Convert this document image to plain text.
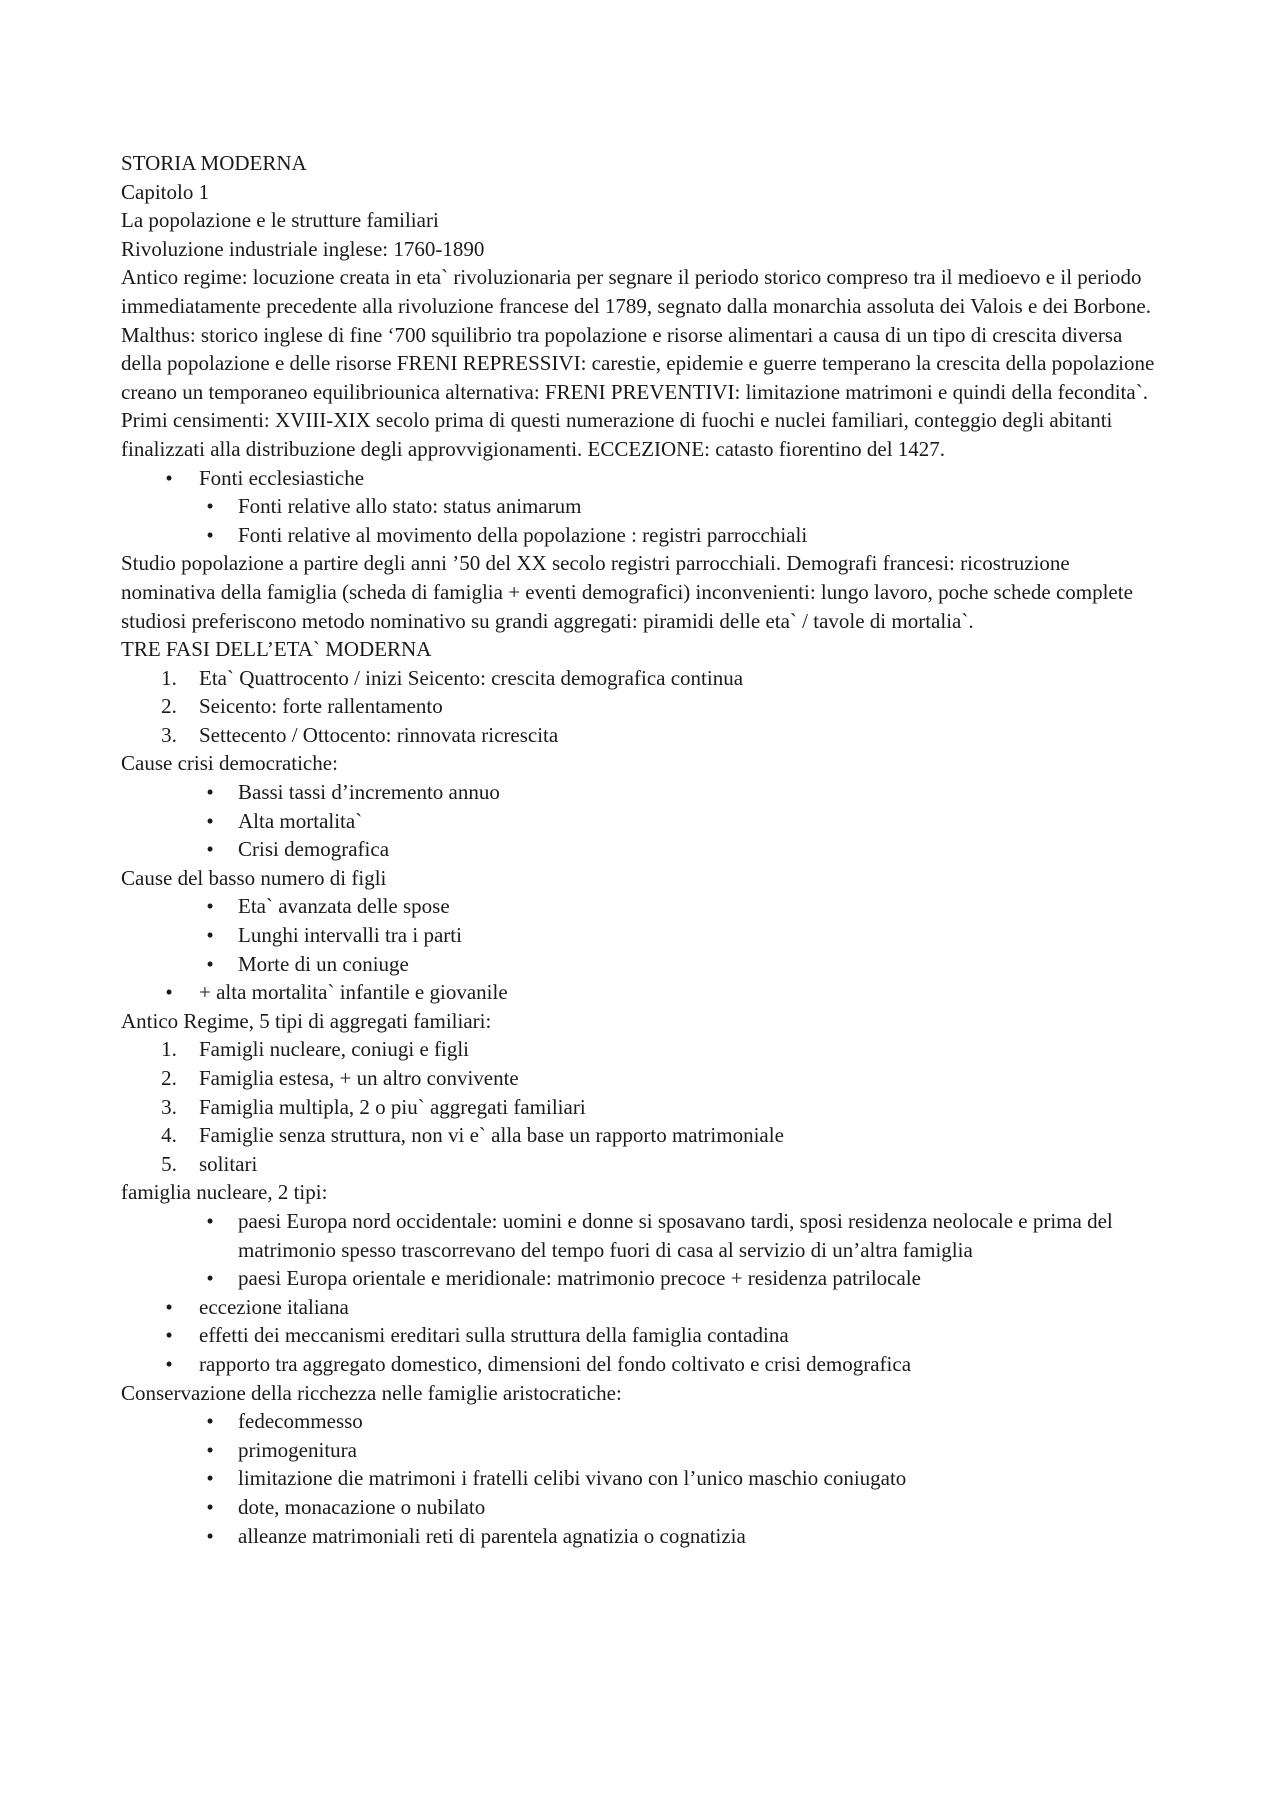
STORIA MODERNA

Capitolo 1

La popolazione e le strutture familiari

Rivoluzione industriale inglese: 1760-1890

Antico regime: locuzione creata in eta` rivoluzionaria per segnare il periodo storico compreso tra il medioevo e il periodo immediatamente precedente alla rivoluzione francese del 1789, segnato dalla monarchia assoluta dei Valois e dei Borbone.

Malthus: storico inglese di fine ‘700 squilibrio tra popolazione e risorse alimentari a causa di un tipo di crescita diversa della popolazione e delle risorse FRENI REPRESSIVI: carestie, epidemie e guerre temperano la crescita della popolazione creano un temporaneo equilibriounica alternativa: FRENI PREVENTIVI: limitazione matrimoni e quindi della fecondita`.

Primi censimenti: XVIII-XIX secolo prima di questi numerazione di fuochi e nuclei familiari, conteggio degli abitanti finalizzati alla distribuzione degli approvvigionamenti. ECCEZIONE: catasto fiorentino del 1427.

•	Fonti ecclesiastiche
•	Fonti relative allo stato: status animarum
•	Fonti relative al movimento della popolazione : registri parrocchiali

Studio popolazione a partire degli anni ’50 del XX secolo registri parrocchiali. Demografi francesi: ricostruzione nominativa della famiglia (scheda di famiglia + eventi demografici) inconvenienti: lungo lavoro, poche schede complete studiosi preferiscono metodo nominativo su grandi aggregati: piramidi delle eta` / tavole di mortalia`.

TRE FASI DELL’ETA` MODERNA

1. Eta` Quattrocento / inizi Seicento: crescita demografica continua
2. Seicento: forte rallentamento
3. Settecento / Ottocento: rinnovata ricrescita

Cause crisi democratiche:

•	Bassi tassi d’incremento annuo
•	Alta mortalita`
•	Crisi demografica

Cause del basso numero di figli

•	Eta` avanzata delle spose
•	Lunghi intervalli tra i parti
•	Morte di un coniuge
•	+ alta mortalita` infantile e giovanile

Antico Regime, 5 tipi di aggregati familiari:

1. Famigli nucleare, coniugi e figli
2. Famiglia estesa, + un altro convivente
3. Famiglia multipla, 2 o piu` aggregati familiari
4. Famiglie senza struttura, non vi e` alla base un rapporto matrimoniale
5. solitari

famiglia nucleare, 2 tipi:

•	paesi Europa nord occidentale: uomini e donne si sposavano tardi, sposi residenza neolocale e prima del matrimonio spesso trascorrevano del tempo fuori di casa al servizio di un’altra famiglia
•	paesi Europa orientale e meridionale: matrimonio precoce + residenza patrilocale
•	eccezione italiana
•	effetti dei meccanismi ereditari sulla struttura della famiglia contadina
•	rapporto tra aggregato domestico, dimensioni del fondo coltivato e crisi demografica

Conservazione della ricchezza nelle famiglie aristocratiche:

•	fedecommesso
•	primogenitura
•	limitazione die matrimoni i fratelli celibi vivano con l’unico maschio coniugato
•	dote, monacazione o nubilato
•	alleanze matrimoniali reti di parentela agnatizia o cognatizia
